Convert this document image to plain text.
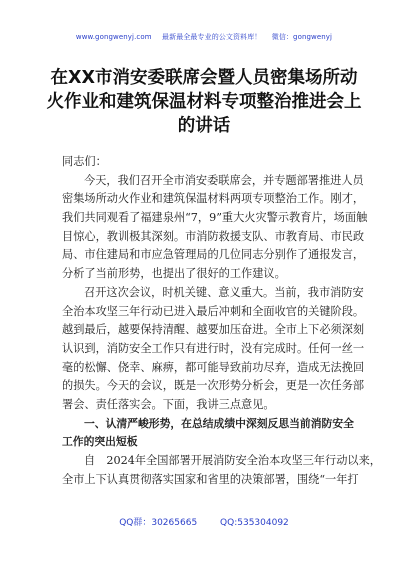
www.gongwenyj.com 最新最全最专业的公文资料库！ 微信：gongwenyj
在XX市消安委联席会暨人员密集场所动
火作业和建筑保温材料专项整治推进会上
的讲话
同志们：
今天，我们召开全市消安委联席会，并专题部署推进人员
密集场所动火作业和建筑保温材料两项专项整治工作。刚才，
我们共同观看了福建泉州“7，9”重大火灾警示教育片，场面触
目惊心，教训极其深刻。市消防救援支队、市教育局、市民政
局、市住建局和市应急管理局的几位同志分别作了通报发言，
分析了当前形势，也提出了很好的工作建议。
召开这次会议，时机关键、意义重大。当前，我市消防安
全治本攻坚三年行动已进入最后冲刺和全面收官的关键阶段。
越到最后，越要保持清醒、越要加压奋进。全市上下必须深刻
认识到，消防安全工作只有进行时，没有完成时。任何一丝一
毫的松懈、侥幸、麻痹，都可能导致前功尽弃，造成无法挽回
的损失。今天的会议，既是一次形势分析会，更是一次任务部
署会、责任落实会。下面，我讲三点意见。
一、认清严峻形势，在总结成绩中深刻反思当前消防安全
工作的突出短板
自　2024年全国部署开展消防安全治本攻坚三年行动以来，
全市上下认真贯彻落实国家和省里的决策部署，围绕“一年打
QQ群：30265665	QQ:535304092
